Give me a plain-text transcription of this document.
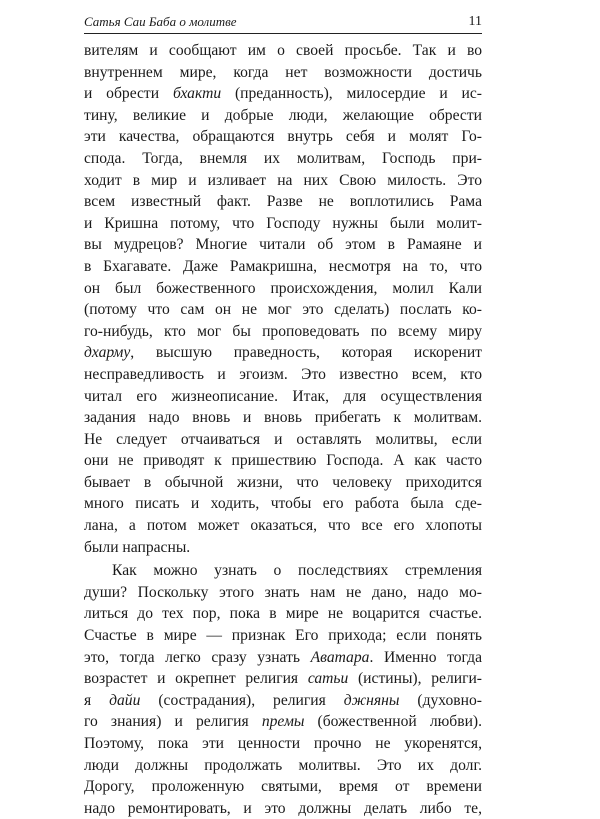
Сатья Саи Баба о молитве	11
вителям и сообщают им о своей просьбе. Так и во
внутреннем мире, когда нет возможности достичь
и обрести бхакти (преданность), милосердие и ис-
тину, великие и добрые люди, желающие обрести
эти качества, обращаются внутрь себя и молят Го-
спода. Тогда, внемля их молитвам, Господь при-
ходит в мир и изливает на них Свою милость. Это
всем известный факт. Разве не воплотились Рама
и Кришна потому, что Господу нужны были молит-
вы мудрецов? Многие читали об этом в Рамаяне и
в Бхагавате. Даже Рамакришна, несмотря на то, что
он был божественного происхождения, молил Кали
(потому что сам он не мог это сделать) послать ко-
го-нибудь, кто мог бы проповедовать по всему миру
дхарму, высшую праведность, которая искоренит
несправедливость и эгоизм. Это известно всем, кто
читал его жизнеописание. Итак, для осуществления
задания надо вновь и вновь прибегать к молитвам.
Не следует отчаиваться и оставлять молитвы, если
они не приводят к пришествию Господа. А как часто
бывает в обычной жизни, что человеку приходится
много писать и ходить, чтобы его работа была сде-
лана, а потом может оказаться, что все его хлопоты
были напрасны.
Как можно узнать о последствиях стремления
души? Поскольку этого знать нам не дано, надо мо-
литься до тех пор, пока в мире не воцарится счастье.
Счастье в мире — признак Его прихода; если понять
это, тогда легко сразу узнать Аватара. Именно тогда
возрастет и окрепнет религия сатьи (истины), религи-
я дайи (сострадания), религия джняны (духовно-
го знания) и религия премы (божественной любви).
Поэтому, пока эти ценности прочно не укоренятся,
люди должны продолжать молитвы. Это их долг.
Дорогу, проложенную святыми, время от времени
надо ремонтировать, и это должны делать либо те,
